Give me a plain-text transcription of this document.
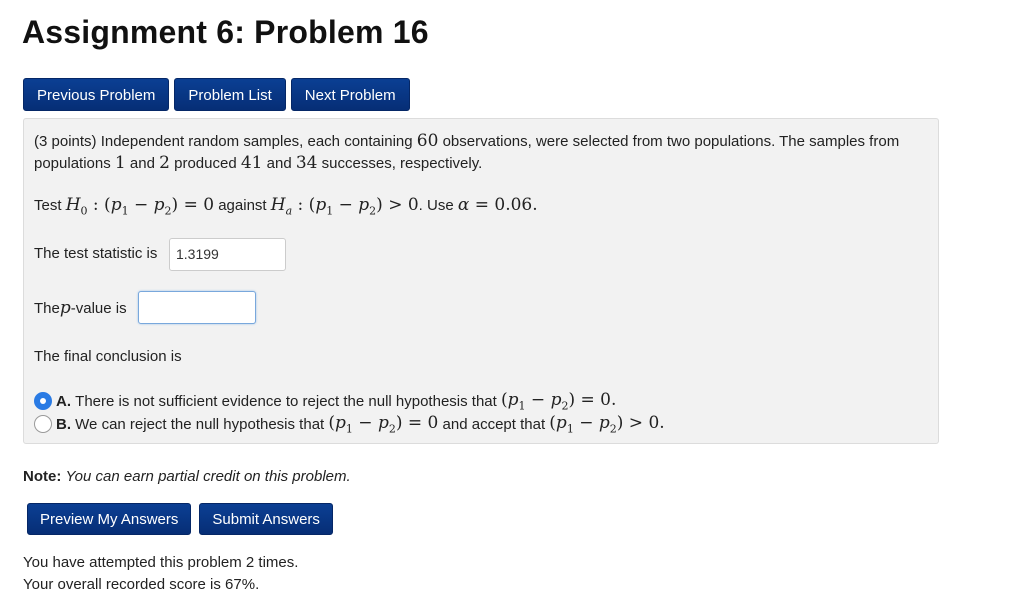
Assignment 6: Problem 16
Previous Problem	Problem List	Next Problem
(3 points) Independent random samples, each containing 60 observations, were selected from two populations. The samples from
populations 1 and 2 produced 41 and 34 successes, respectively.
Test $H_0$ : $(p_1 - p_2) = 0$ against $H_a$ : $(p_1 - p_2) > 0$. Use α = 0.06.
The test statistic is	1.3199
Thep-value is
The final conclusion is
A.
There is not sufficient evidence to reject the null hypothesis that
$(p_1 - p_2) = 0$.
B.
We can reject the null hypothesis that
$(p_1 - p_2) = 0$
and accept that
$(p_1 - p_2) > 0$.
Note: You can earn partial credit on this problem.
Preview My Answers	Submit Answers
You have attempted this problem 2 times.
Your overall recorded score is 67%.
